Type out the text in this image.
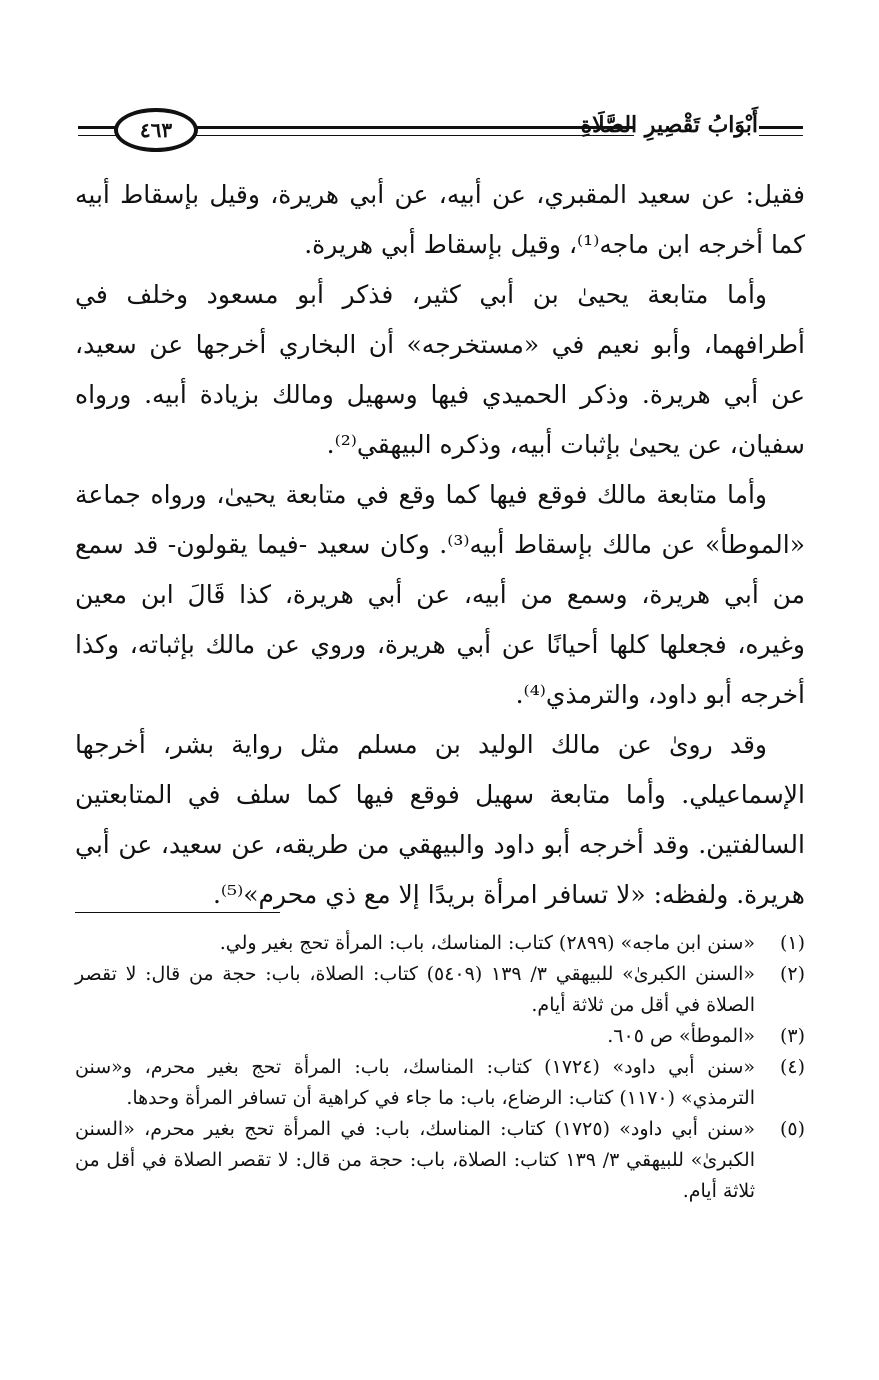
٤٦٣	أَبْوَابُ تَقْصِيرِ الصَّلَاةِ

فقيل: عن سعيد المقبري، عن أبيه، عن أبي هريرة، وقيل بإسقاط أبيه كما أخرجه ابن ماجه⁽¹⁾، وقيل بإسقاط أبي هريرة.

وأما متابعة يحيىٰ بن أبي كثير، فذكر أبو مسعود وخلف في أطرافهما، وأبو نعيم في «مستخرجه» أن البخاري أخرجها عن سعيد، عن أبي هريرة. وذكر الحميدي فيها وسهيل ومالك بزيادة أبيه. ورواه سفيان، عن يحيىٰ بإثبات أبيه، وذكره البيهقي⁽²⁾.

وأما متابعة مالك فوقع فيها كما وقع في متابعة يحيىٰ، ورواه جماعة «الموطأ» عن مالك بإسقاط أبيه⁽³⁾. وكان سعيد -فيما يقولون- قد سمع من أبي هريرة، وسمع من أبيه، عن أبي هريرة، كذا قَالَ ابن معين وغيره، فجعلها كلها أحيانًا عن أبي هريرة، وروي عن مالك بإثباته، وكذا أخرجه أبو داود، والترمذي⁽⁴⁾.

وقد روىٰ عن مالك الوليد بن مسلم مثل رواية بشر، أخرجها الإسماعيلي. وأما متابعة سهيل فوقع فيها كما سلف في المتابعتين السالفتين. وقد أخرجه أبو داود والبيهقي من طريقه، عن سعيد، عن أبي هريرة. ولفظه: «لا تسافر امرأة بريدًا إلا مع ذي محرم»⁽⁵⁾.

(١)
«سنن ابن ماجه» (٢٨٩٩) كتاب: المناسك، باب: المرأة تحج بغير ولي.
(٢)
«السنن الكبرىٰ» للبيهقي ٣/ ١٣٩ (٥٤٠٩) كتاب: الصلاة، باب: حجة من قال: لا تقصر الصلاة في أقل من ثلاثة أيام.
(٣)
«الموطأ» ص ٦٠٥.
(٤)
«سنن أبي داود» (١٧٢٤) كتاب: المناسك، باب: المرأة تحج بغير محرم، و«سنن الترمذي» (١١٧٠) كتاب: الرضاع، باب: ما جاء في كراهية أن تسافر المرأة وحدها.
(٥)
«سنن أبي داود» (١٧٢٥) كتاب: المناسك، باب: في المرأة تحج بغير محرم، «السنن الكبرىٰ» للبيهقي ٣/ ١٣٩ كتاب: الصلاة، باب: حجة من قال: لا تقصر الصلاة في أقل من ثلاثة أيام.
